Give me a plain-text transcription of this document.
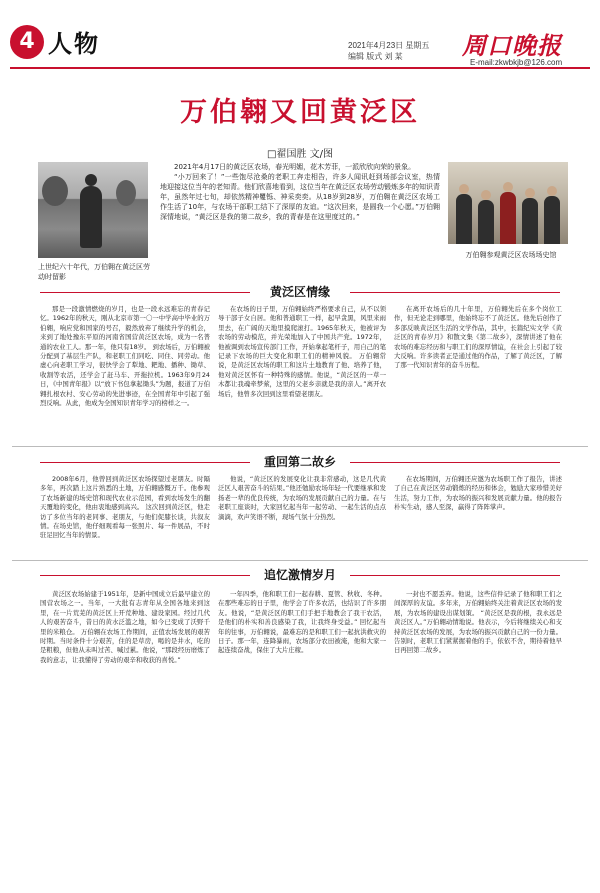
4 人物	2021年4月23日 星期五
编辑 版式 刘 某 周口晚报
E-mail:zkwbkjb@126.com
万伯翱又回黄泛区
□翟国胜 文/图
上世纪六十年代，万伯翱在黄泛区劳动时留影

2021年4月17日的黄泛区农场，春光明媚，花木芳菲，一派欣欣向荣的景象。

“小万回来了！”一些饱尽沧桑的老职工奔走相告，许多人闻讯赶到场部会议室，热情地迎接这位当年的老知青。他们欣喜地看到，这位当年在黄泛区农场劳动锻炼多年的知识青年，虽然年过七旬，却依然精神矍铄、神采奕奕。从18岁到28岁，万伯翱在黄泛区农场工作生活了10年，与农场干部职工结下了深厚的友谊。“这次回来，是圆我一个心愿。”万伯翱深情地说，“黄泛区是我的第二故乡，我的青春是在这里度过的。”

万伯翱参观黄泛区农场场史馆
黄泛区情缘

那是一段激情燃烧的岁月，也是一段永远难忘的青春记忆。1962年的秋天，刚从北京市第一〇一中学高中毕业的万伯翱，响应党和国家的号召，毅然放弃了继续升学的机会，来到了地处豫东平原的河南省国营黄泛区农场，成为一名普通的农业工人。那一年，他只有18岁。 到农场后，万伯翱被分配到了基层生产队，和老职工们同吃、同住、同劳动。他虚心向老职工学习，很快学会了犁地、耙地、播种、锄草、收割等农活，还学会了赶马车、开拖拉机。1963年9月24日，《中国青年报》以“放下书包拿起锄头”为题，报道了万伯翱扎根农村、安心劳动的先进事迹，在全国青年中引起了强烈反响。从此，他成为全国知识青年学习的榜样之一。

在农场的日子里，万伯翱始终严格要求自己，从不以领导干部子女自居。他和普通职工一样，起早贪黑，风里来雨里去，在广阔的天地里摸爬滚打。1965年秋天，他被评为农场的劳动模范，并光荣地加入了中国共产党。1972年，他被调到农场宣传部门工作，开始拿起笔杆子，用自己的笔记录下农场的巨大变化和职工们的精神风貌。 万伯翱常说，是黄泛区农场的职工和这片土地教育了他、培养了他，他对黄泛区怀有一种特殊的感情。他说，“黄泛区的一草一木都让我魂牵梦萦，这里的父老乡亲就是我的亲人。”离开农场后，他曾多次回到这里看望老朋友。

在离开农场后的几十年里，万伯翱先后在多个岗位工作，但无论走到哪里，他始终忘不了黄泛区。他先后创作了多部反映黄泛区生活的文学作品，其中，长篇纪实文学《黄泛区的青春岁月》和散文集《第二故乡》，深情讲述了他在农场的难忘经历和与职工们的深厚情谊，在社会上引起了较大反响。许多读者正是通过他的作品，了解了黄泛区，了解了那一代知识青年的奋斗历程。

重回第二故乡

2008年6月，他曾回到黄泛区农场探望过老朋友。时隔多年，再次踏上这片熟悉的土地，万伯翱感慨万千。他参观了农场新建的场史馆和现代农业示范园，看到农场发生的翻天覆地的变化，他由衷地感到高兴。 这次回到黄泛区，他走访了多位当年的老同事、老朋友，与他们促膝长谈，共叙友情。在场史馆，他仔细观看每一张照片、每一件展品，不时驻足回忆当年的情景。

他说，“黄泛区的发展变化让我非常感动，这是几代黄泛区人艰苦奋斗的结果。”他还勉励农场年轻一代要继承和发扬老一辈的优良传统，为农场的发展贡献自己的力量。在与老职工座谈时，大家回忆起当年一起劳动、一起生活的点点滴滴，欢声笑语不断，现场气氛十分热烈。

在农场期间，万伯翱还应邀为农场职工作了报告，讲述了自己在黄泛区劳动锻炼的经历和体会，勉励大家珍惜美好生活，努力工作，为农场的振兴和发展贡献力量。他的报告朴实生动，感人至深，赢得了阵阵掌声。

追忆激情岁月

黄泛区农场始建于1951年，是新中国成立后最早建立的国营农场之一。当年，一大批有志青年从全国各地来到这里，在一片荒芜的黄泛区上开荒种地、建设家园。经过几代人的艰苦奋斗，昔日的黄水泛滥之地，如今已变成了沃野千里的米粮仓。 万伯翱在农场工作期间，正值农场发展的艰苦时期。当时条件十分艰苦，住的是草房，喝的是井水，吃的是粗粮，但他从未叫过苦、喊过累。他说，“那段经历磨炼了我的意志，让我懂得了劳动的艰辛和收获的喜悦。”

一年四季，他和职工们一起春耕、夏管、秋收、冬种。在那些难忘的日子里，他学会了许多农活，也结识了许多朋友。他说，“是黄泛区的职工们手把手地教会了我干农活，是他们的朴实和善良感染了我，让我终身受益。” 回忆起当年的往事，万伯翱说，最难忘的是和职工们一起抗洪救灾的日子。那一年，连降暴雨，农场部分农田被淹，他和大家一起连续奋战，保住了大片庄稼。

一封也不愿丢弃。他说，这些信件记录了他和职工们之间深厚的友谊。多年来，万伯翱始终关注着黄泛区农场的发展，为农场的建设出谋划策。 “黄泛区是我的根，我永远是黄泛区人。”万伯翱动情地说。他表示，今后将继续关心和支持黄泛区农场的发展，为农场的振兴贡献自己的一份力量。告别时，老职工们紧紧握着他的手，依依不舍，期待着他早日再回第二故乡。
